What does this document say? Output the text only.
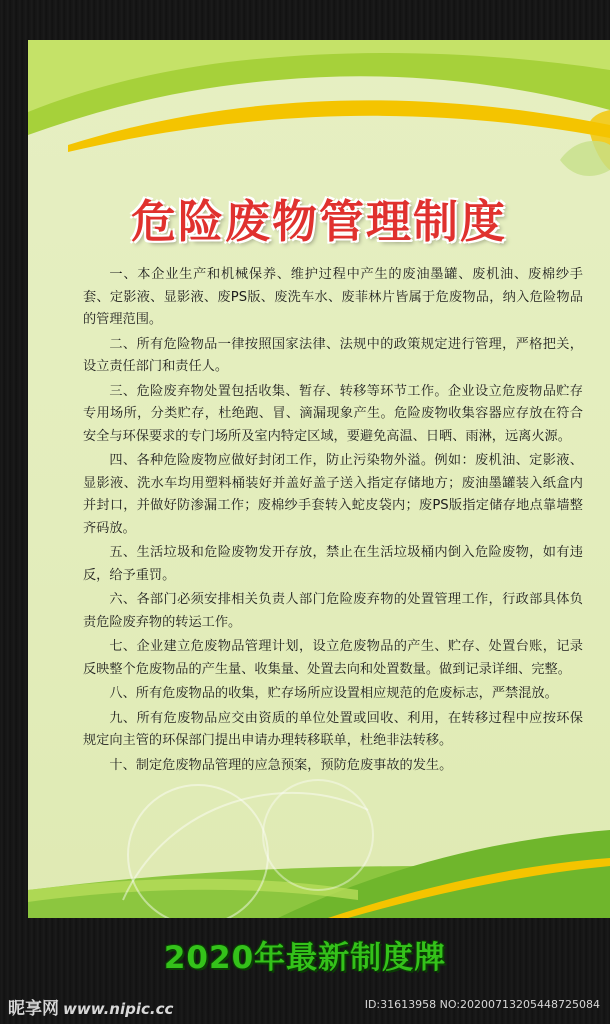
危险废物管理制度

一、本企业生产和机械保养、维护过程中产生的废油墨罐、废机油、废棉纱手套、定影液、显影液、废PS版、废洗车水、废菲林片皆属于危废物品，纳入危险物品的管理范围。

二、所有危险物品一律按照国家法律、法规中的政策规定进行管理，严格把关，设立责任部门和责任人。

三、危险废弃物处置包括收集、暂存、转移等环节工作。企业设立危废物品贮存专用场所，分类贮存，杜绝跑、冒、滴漏现象产生。危险废物收集容器应存放在符合安全与环保要求的专门场所及室内特定区域，要避免高温、日晒、雨淋，远离火源。

四、各种危险废物应做好封闭工作，防止污染物外溢。例如：废机油、定影液、显影液、洗水车均用塑料桶装好并盖好盖子送入指定存储地方；废油墨罐装入纸盒内并封口，并做好防渗漏工作；废棉纱手套转入蛇皮袋内；废PS版指定储存地点靠墙整齐码放。

五、生活垃圾和危险废物发开存放，禁止在生活垃圾桶内倒入危险废物，如有违反，给予重罚。

六、各部门必须安排相关负责人部门危险废弃物的处置管理工作，行政部具体负责危险废弃物的转运工作。

七、企业建立危废物品管理计划，设立危废物品的产生、贮存、处置台账，记录反映整个危废物品的产生量、收集量、处置去向和处置数量。做到记录详细、完整。

八、所有危废物品的收集，贮存场所应设置相应规范的危废标志，严禁混放。

九、所有危废物品应交由资质的单位处置或回收、利用，在转移过程中应按环保规定向主管的环保部门提出申请办理转移联单，杜绝非法转移。

十、制定危废物品管理的应急预案，预防危废事故的发生。

2020年最新制度牌
昵享网 www.nipic.cc	ID:31613958 NO:20200713205448725084
